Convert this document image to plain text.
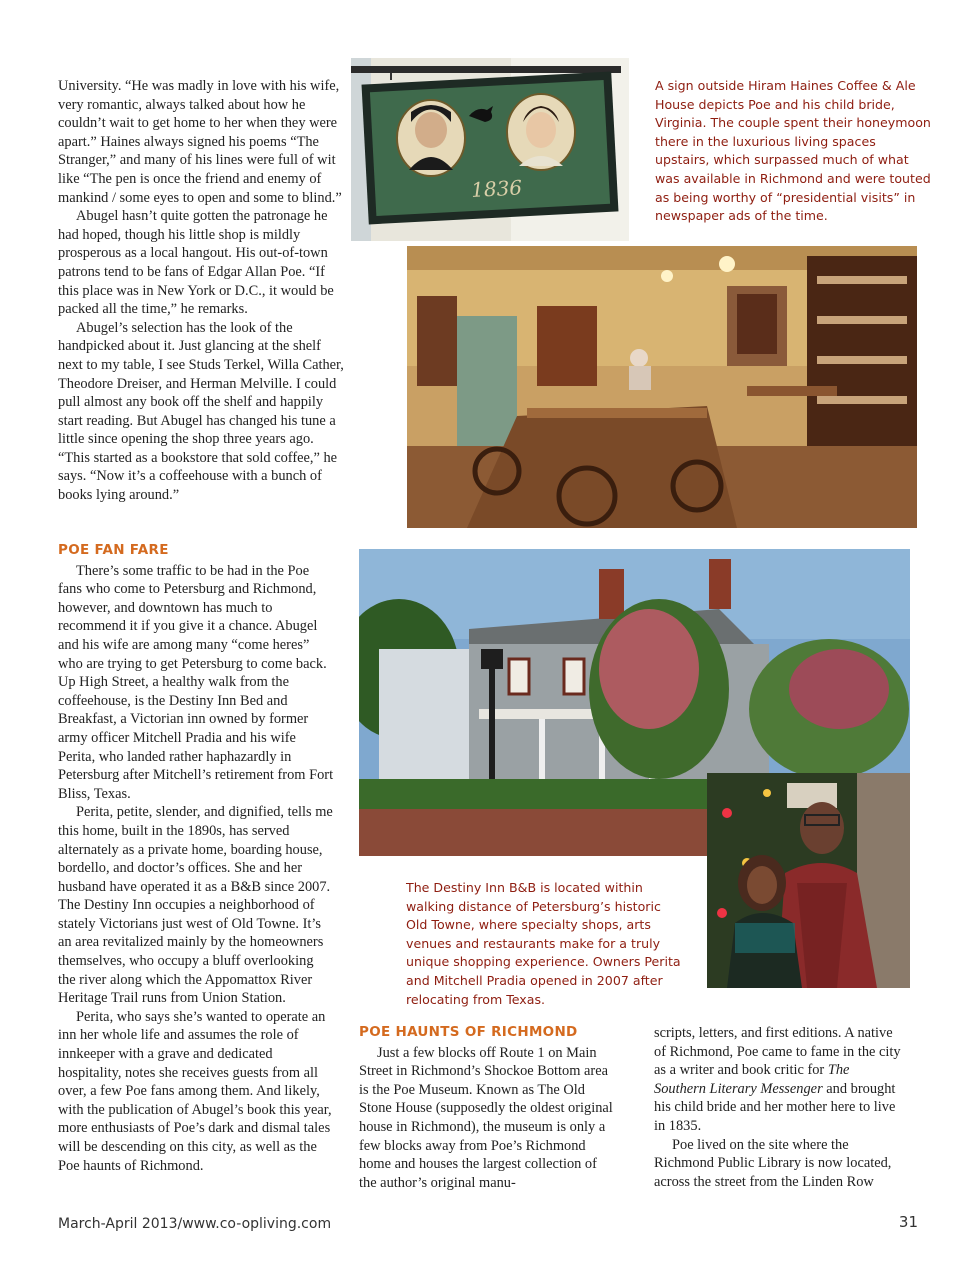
University. “He was madly in love with his wife, very romantic, always talked about how he couldn’t wait to get home to her when they were apart.” Haines always signed his poems “The Stranger,” and many of his lines were full of wit like “The pen is once the friend and enemy of mankind / some eyes to open and some to blind.”

Abugel hasn’t quite gotten the patronage he had hoped, though his little shop is mildly prosperous as a local hangout. His out-of-town patrons tend to be fans of Edgar Allan Poe. “If this place was in New York or D.C., it would be packed all the time,” he remarks.

Abugel’s selection has the look of the handpicked about it. Just glancing at the shelf next to my table, I see Studs Terkel, Willa Cather, Theodore Dreiser, and Herman Melville. I could pull almost any book off the shelf and happily start reading. But Abugel has changed his tune a little since opening the shop three years ago. “This started as a bookstore that sold coffee,” he says. “Now it’s a coffeehouse with a bunch of books lying around.”

POE FAN FARE

There’s some traffic to be had in the Poe fans who come to Petersburg and Richmond, however, and downtown has much to recommend it if you give it a chance. Abugel and his wife are among many “come heres” who are trying to get Petersburg to come back. Up High Street, a healthy walk from the coffeehouse, is the Destiny Inn Bed and Breakfast, a Victorian inn owned by former army officer Mitchell Pradia and his wife Perita, who landed rather haphazardly in Petersburg after Mitchell’s retirement from Fort Bliss, Texas.

Perita, petite, slender, and dignified, tells me this home, built in the 1890s, has served alternately as a private home, boarding house, bordello, and doctor’s offices. She and her husband have operated it as a B&B since 2007. The Destiny Inn occupies a neighborhood of stately Victorians just west of Old Towne. It’s an area revitalized mainly by the homeowners themselves, who occupy a bluff overlooking the river along which the Appomattox River Heritage Trail runs from Union Station.

Perita, who says she’s wanted to operate an inn her whole life and assumes the role of innkeeper with a grave and dedicated hospitality, notes she receives guests from all over, a few Poe fans among them. And likely, with the publication of Abugel’s book this year, more enthusiasts of Poe’s dark and dismal tales will be descending on this city, as well as the Poe haunts of Richmond.

POE HAUNTS OF RICHMOND

Just a few blocks off Route 1 on Main Street in Richmond’s Shockoe Bottom area is the Poe Museum. Known as The Old Stone House (supposedly the oldest original house in Richmond), the museum is only a few blocks away from Poe’s Richmond home and houses the largest collection of the author’s original manu-

scripts, letters, and first editions. A native of Richmond, Poe came to fame in the city as a writer and book critic for The Southern Literary Messenger and brought his child bride and her mother here to live in 1835.

Poe lived on the site where the Richmond Public Library is now located, across the street from the Linden Row

1836
A sign outside Hiram Haines Coffee & Ale House depicts Poe and his child bride, Virginia. The couple spent their honeymoon there in the luxurious living spaces upstairs, which surpassed much of what was available in Richmond and were touted as being worthy of “presidential visits” in newspaper ads of the time.
The Destiny Inn B&B is located within walking distance of Petersburg’s historic Old Towne, where specialty shops, arts venues and restaurants make for a truly unique shopping experience. Owners Perita and Mitchell Pradia opened in 2007 after relocating from Texas.
March-April 2013/www.co-opliving.com	31
